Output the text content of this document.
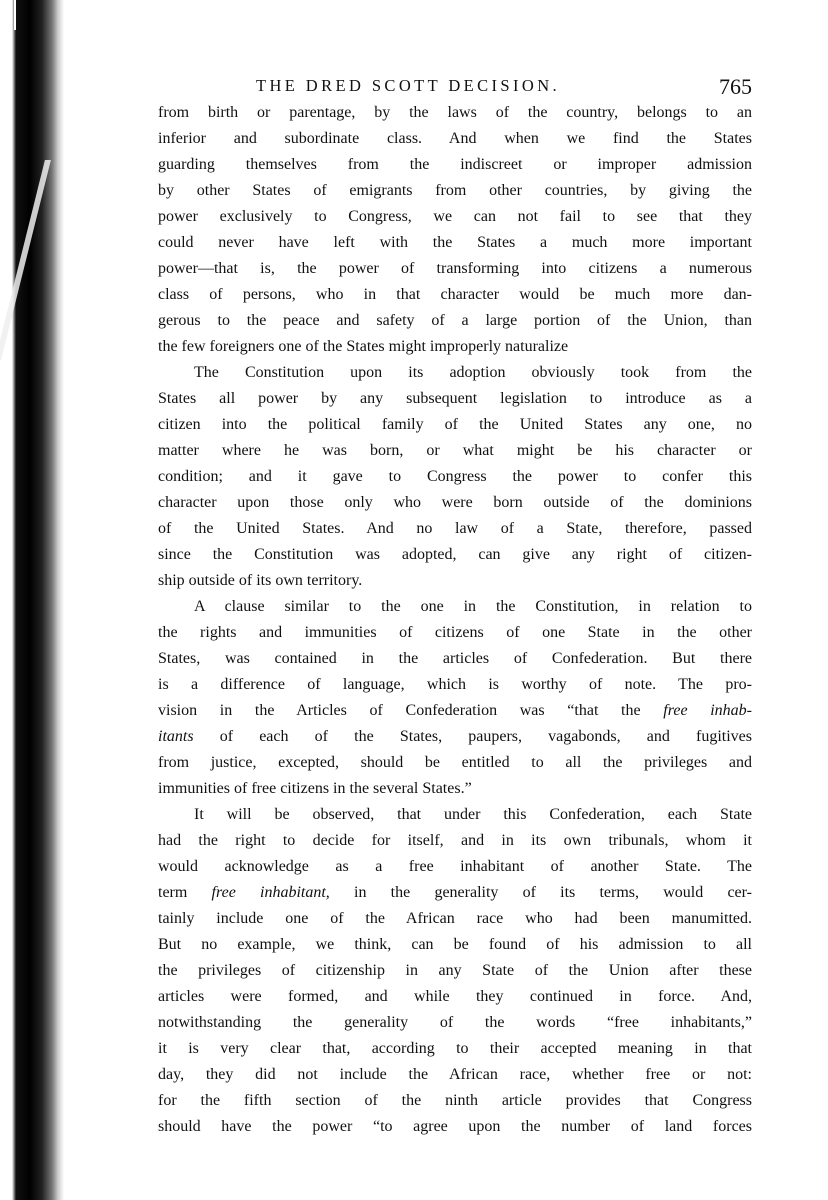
THE DRED SCOTT DECISION.	765
from birth or parentage, by the laws of the country, belongs to an
inferior and subordinate class. And when we find the States
guarding themselves from the indiscreet or improper admission
by other States of emigrants from other countries, by giving the
power exclusively to Congress, we can not fail to see that they
could never have left with the States a much more important
power—that is, the power of transforming into citizens a numerous
class of persons, who in that character would be much more dan-
gerous to the peace and safety of a large portion of the Union, than
the few foreigners one of the States might improperly naturalize
The Constitution upon its adoption obviously took from the
States all power by any subsequent legislation to introduce as a
citizen into the political family of the United States any one, no
matter where he was born, or what might be his character or
condition; and it gave to Congress the power to confer this
character upon those only who were born outside of the dominions
of the United States. And no law of a State, therefore, passed
since the Constitution was adopted, can give any right of citizen-
ship outside of its own territory.
A clause similar to the one in the Constitution, in relation to
the rights and immunities of citizens of one State in the other
States, was contained in the articles of Confederation. But there
is a difference of language, which is worthy of note. The pro-
vision in the Articles of Confederation was “that the free inhab-
itants of each of the States, paupers, vagabonds, and fugitives
from justice, excepted, should be entitled to all the privileges and
immunities of free citizens in the several States.”
It will be observed, that under this Confederation, each State
had the right to decide for itself, and in its own tribunals, whom it
would acknowledge as a free inhabitant of another State. The
term free inhabitant, in the generality of its terms, would cer-
tainly include one of the African race who had been manumitted.
But no example, we think, can be found of his admission to all
the privileges of citizenship in any State of the Union after these
articles were formed, and while they continued in force. And,
notwithstanding the generality of the words “free inhabitants,”
it is very clear that, according to their accepted meaning in that
day, they did not include the African race, whether free or not:
for the fifth section of the ninth article provides that Congress
should have the power “to agree upon the number of land forces
